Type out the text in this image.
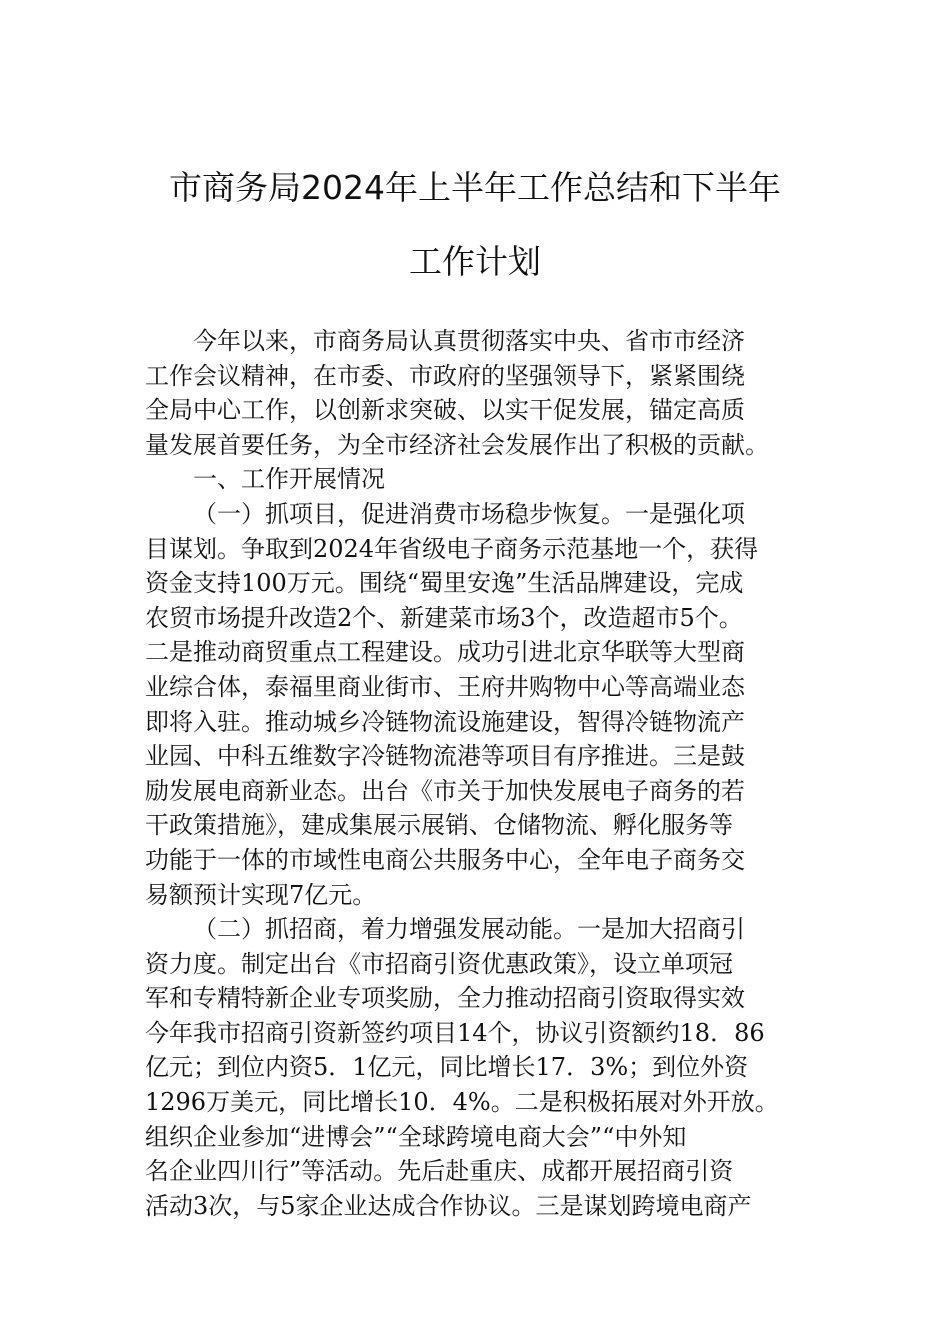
市商务局2024年上半年工作总结和下半年
工作计划
今年以来，市商务局认真贯彻落实中央、省市市经济
工作会议精神，在市委、市政府的坚强领导下，紧紧围绕
全局中心工作，以创新求突破、以实干促发展，锚定高质
量发展首要任务，为全市经济社会发展作出了积极的贡献。
一、工作开展情况
（一）抓项目，促进消费市场稳步恢复。一是强化项
目谋划。争取到2024年省级电子商务示范基地一个，获得
资金支持100万元。围绕“蜀里安逸”生活品牌建设，完成
农贸市场提升改造2个、新建菜市场3个，改造超市5个。
二是推动商贸重点工程建设。成功引进北京华联等大型商
业综合体，泰福里商业街市、王府井购物中心等高端业态
即将入驻。推动城乡冷链物流设施建设，智得冷链物流产
业园、中科五维数字冷链物流港等项目有序推进。三是鼓
励发展电商新业态。出台《市关于加快发展电子商务的若
干政策措施》，建成集展示展销、仓储物流、孵化服务等
功能于一体的市域性电商公共服务中心，全年电子商务交
易额预计实现7亿元。
（二）抓招商，着力增强发展动能。一是加大招商引
资力度。制定出台《市招商引资优惠政策》，设立单项冠
军和专精特新企业专项奖励，全力推动招商引资取得实效
今年我市招商引资新签约项目14个，协议引资额约18．86
亿元；到位内资5．1亿元，同比增长17．3%；到位外资
1296万美元，同比增长10．4%。二是积极拓展对外开放。
组织企业参加“进博会”“全球跨境电商大会”“中外知
名企业四川行”等活动。先后赴重庆、成都开展招商引资
活动3次，与5家企业达成合作协议。三是谋划跨境电商产
